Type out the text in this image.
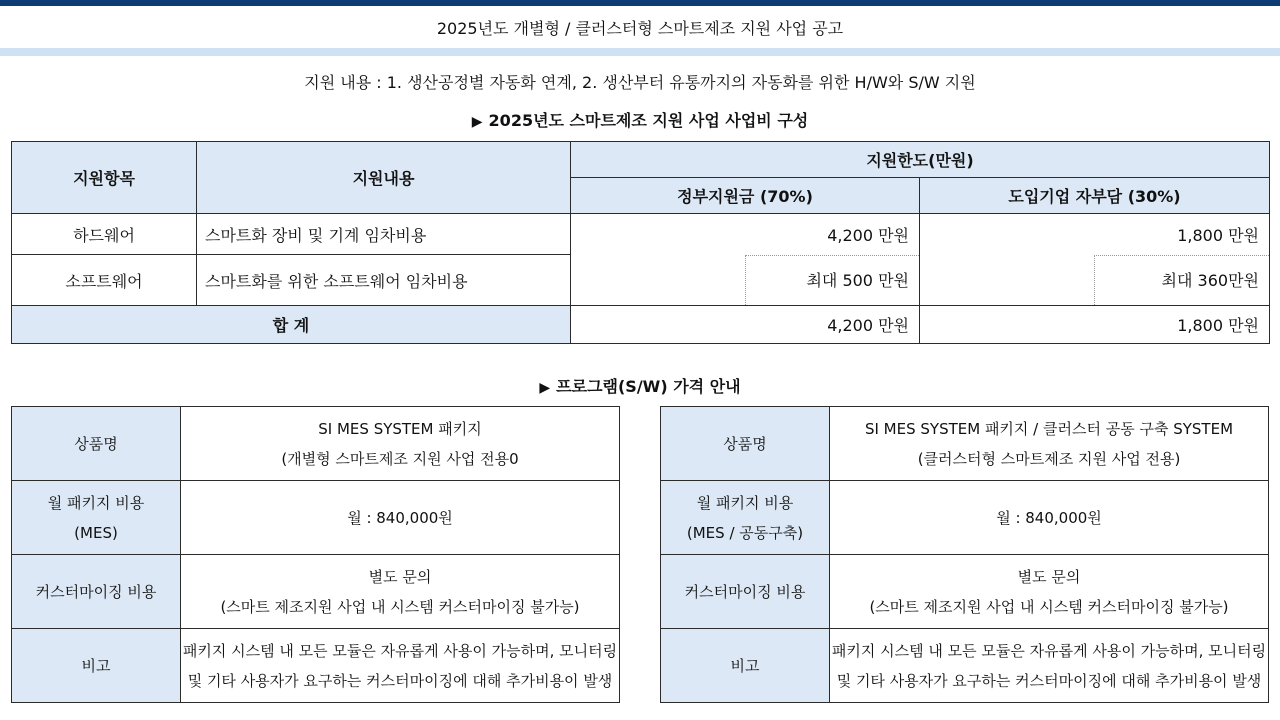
2025년도 개별형 / 클러스터형 스마트제조 지원 사업 공고
지원 내용 : 1. 생산공정별 자동화 연계, 2. 생산부터 유통까지의 자동화를 위한 H/W와 S/W 지원
▶ 2025년도 스마트제조 지원 사업 사업비 구성
지원항목	지원내용	지원한도(만원)	
		정부지원금 (70%)	도입기업 자부담 (30%)
하드웨어	스마트화 장비 및 기계 임차비용	4,200 만원	1,800 만원
소프트웨어	스마트화를 위한 소프트웨어 임차비용	최대 500 만원	최대 360만원
합 계		4,200 만원	1,800 만원
▶ 프로그램(S/W) 가격 안내
상품명	SI MES SYSTEM 패키지
(개별형 스마트제조 지원 사업 전용0

월 패키지 비용
(MES)	월 : 840,000원
커스터마이징 비용	별도 문의
(스마트 제조지원 사업 내 시스템 커스터마이징 불가능)

비고	패키지 시스템 내 모든 모듈은 자유롭게 사용이 가능하며, 모니터링
및 기타 사용자가 요구하는 커스터마이징에 대해 추가비용이 발생
상품명	SI MES SYSTEM 패키지 / 클러스터 공동 구축 SYSTEM
(클러스터형 스마트제조 지원 사업 전용)

월 패키지 비용
(MES / 공동구축)	월 : 840,000원
커스터마이징 비용	별도 문의
(스마트 제조지원 사업 내 시스템 커스터마이징 불가능)

비고	패키지 시스템 내 모든 모듈은 자유롭게 사용이 가능하며, 모니터링
및 기타 사용자가 요구하는 커스터마이징에 대해 추가비용이 발생
